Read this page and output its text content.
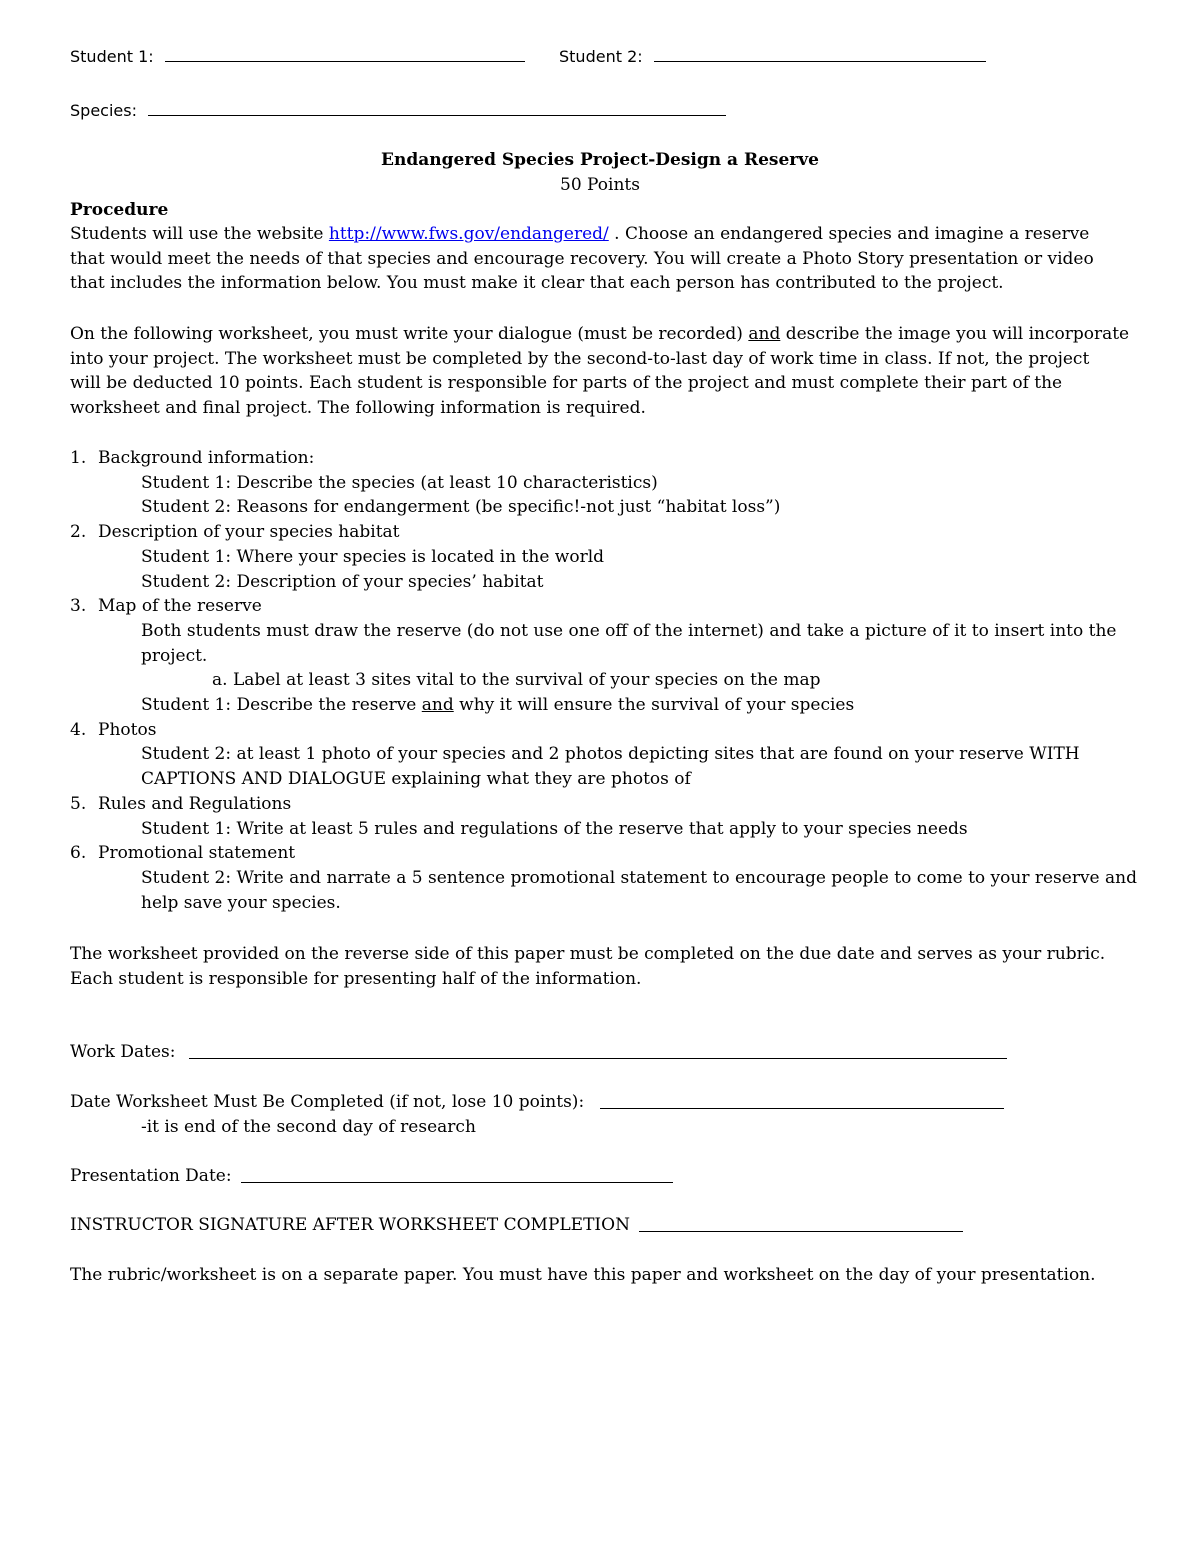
Student 1:	Student 2:
Species:
Endangered Species Project-Design a Reserve
50 Points
Procedure
Students will use the website http://www.fws.gov/endangered/ . Choose an endangered species and imagine a reserve
that would meet the needs of that species and encourage recovery. You will create a Photo Story presentation or video
that includes the information below. You must make it clear that each person has contributed to the project.
On the following worksheet, you must write your dialogue (must be recorded) and describe the image you will incorporate
into your project. The worksheet must be completed by the second-to-last day of work time in class. If not, the project
will be deducted 10 points. Each student is responsible for parts of the project and must complete their part of the
worksheet and final project. The following information is required.
1. Background information:
Student 1: Describe the species (at least 10 characteristics)
Student 2: Reasons for endangerment (be specific!-not just “habitat loss”)
2. Description of your species habitat
Student 1: Where your species is located in the world
Student 2: Description of your species’ habitat
3. Map of the reserve
Both students must draw the reserve (do not use one off of the internet) and take a picture of it to insert into the
project.
a. Label at least 3 sites vital to the survival of your species on the map
Student 1: Describe the reserve and why it will ensure the survival of your species
4. Photos
Student 2: at least 1 photo of your species and 2 photos depicting sites that are found on your reserve WITH
CAPTIONS AND DIALOGUE explaining what they are photos of
5. Rules and Regulations
Student 1: Write at least 5 rules and regulations of the reserve that apply to your species needs
6. Promotional statement
Student 2: Write and narrate a 5 sentence promotional statement to encourage people to come to your reserve and
help save your species.
The worksheet provided on the reverse side of this paper must be completed on the due date and serves as your rubric.
Each student is responsible for presenting half of the information.
Work Dates:
Date Worksheet Must Be Completed (if not, lose 10 points):
-it is end of the second day of research
Presentation Date:
INSTRUCTOR SIGNATURE AFTER WORKSHEET COMPLETION
The rubric/worksheet is on a separate paper. You must have this paper and worksheet on the day of your presentation.
